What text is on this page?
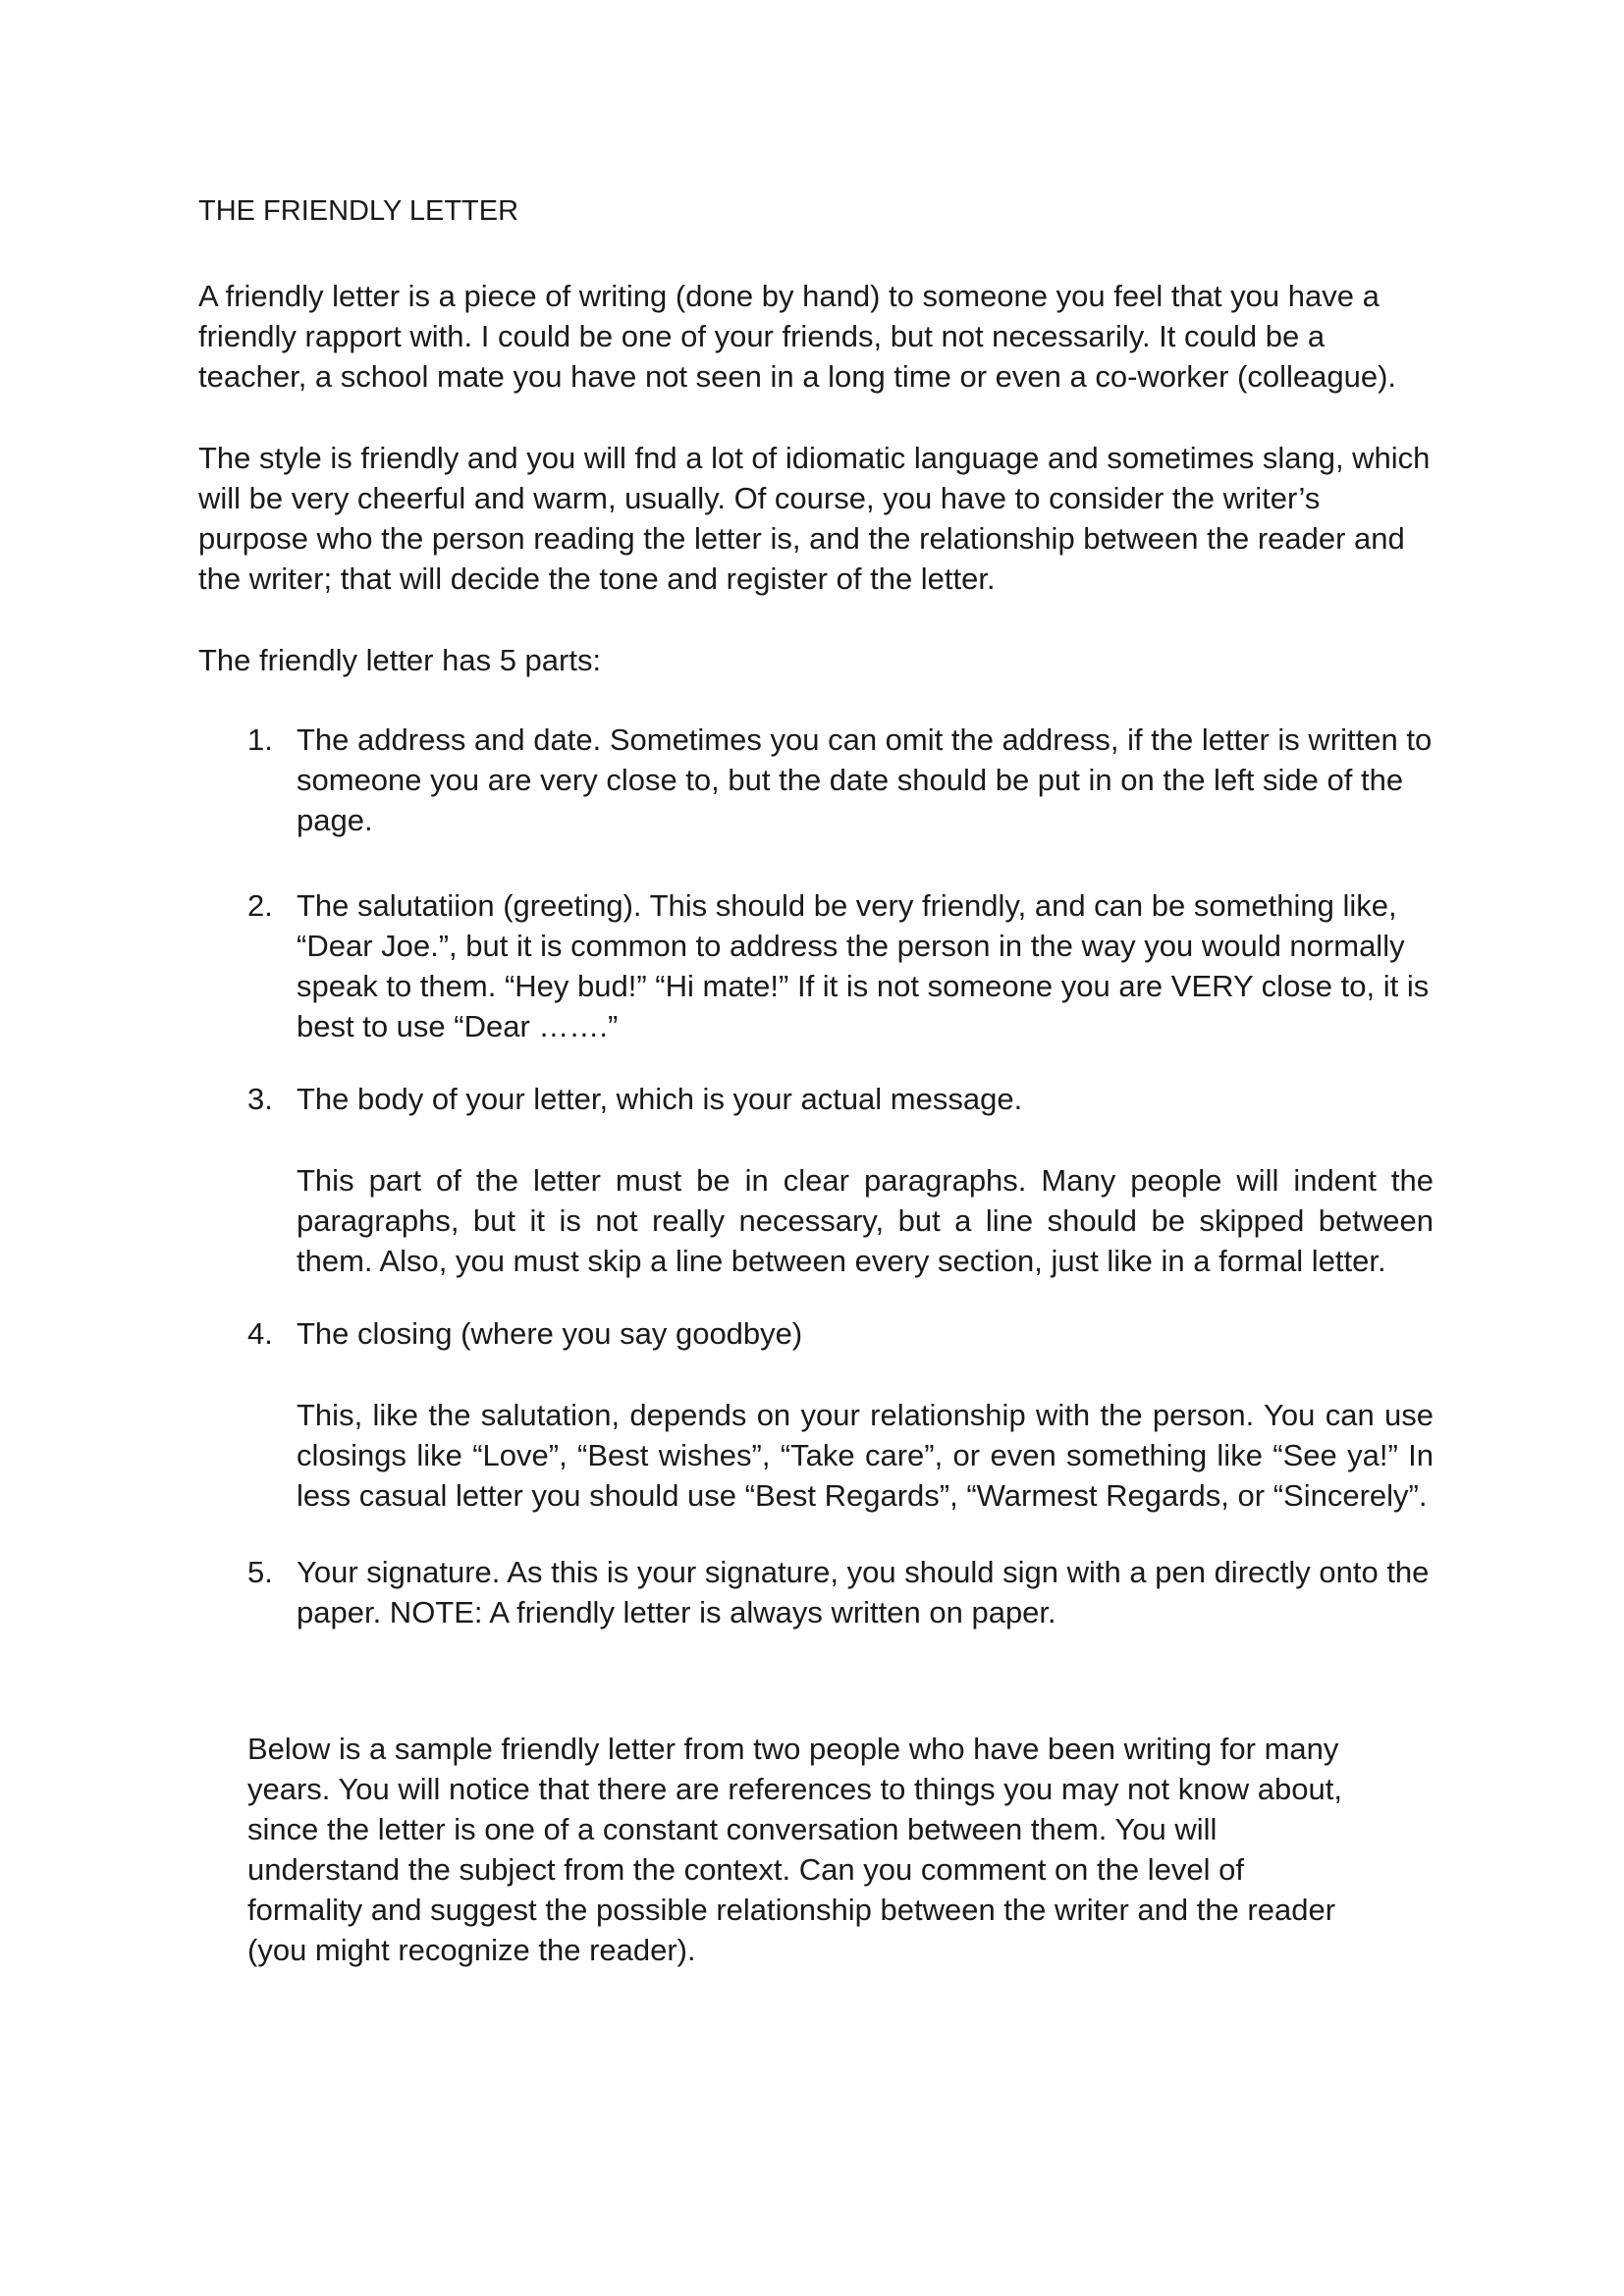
THE FRIENDLY LETTER

A friendly letter is a piece of writing (done by hand) to someone you feel that you have a friendly rapport with. I could be one of your friends, but not necessarily. It could be a teacher, a school mate you have not seen in a long time or even a co-worker (colleague).

The style is friendly and you will fnd a lot of idiomatic language and sometimes slang, which will be very cheerful and warm, usually. Of course, you have to consider the writer’s purpose who the person reading the letter is, and the relationship between the reader and the writer; that will decide the tone and register of the letter.

The friendly letter has 5 parts:

1. The address and date. Sometimes you can omit the address, if the letter is written to someone you are very close to, but the date should be put in on the left side of the page.
2. The salutatiion (greeting). This should be very friendly, and can be something like, “Dear Joe.”, but it is common to address the person in the way you would normally speak to them. “Hey bud!” “Hi mate!” If it is not someone you are VERY close to, it is best to use “Dear …….”
3. The body of your letter, which is your actual message.
This part of the letter must be in clear paragraphs. Many people will indent the paragraphs, but it is not really necessary, but a line should be skipped between them. Also, you must skip a line between every section, just like in a formal letter.
4. The closing (where you say goodbye)
This, like the salutation, depends on your relationship with the person. You can use closings like “Love”, “Best wishes”, “Take care”, or even something like “See ya!” In less casual letter you should use “Best Regards”, “Warmest Regards, or “Sincerely”.
5. Your signature. As this is your signature, you should sign with a pen directly onto the paper. NOTE: A friendly letter is always written on paper.

Below is a sample friendly letter from two people who have been writing for many years. You will notice that there are references to things you may not know about, since the letter is one of a constant conversation between them. You will understand the subject from the context. Can you comment on the level of formality and suggest the possible relationship between the writer and the reader (you might recognize the reader).
